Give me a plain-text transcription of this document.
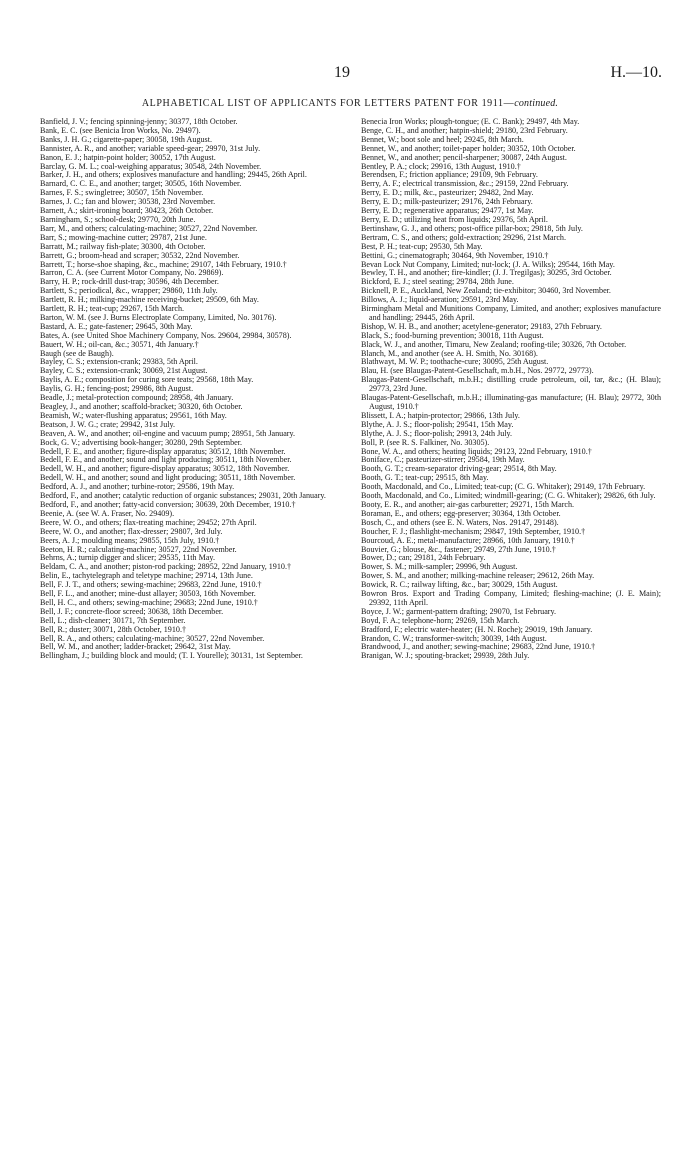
19	H.—10.
ALPHABETICAL LIST OF APPLICANTS FOR LETTERS PATENT FOR 1911—continued.
Banfield, J. V.; fencing spinning-jenny; 30377, 18th October.
Bank, E. C. (see Benicia Iron Works, No. 29497).
Banks, J. H. G.; cigarette-paper; 30058, 19th August.
Bannister, A. R., and another; variable speed-gear; 29970, 31st July.
Banon, E. J.; hatpin-point holder; 30052, 17th August.
Barclay, G. M. L.; coal-weighing apparatus; 30548, 24th November.
Barker, J. H., and others; explosives manufacture and handling; 29445, 26th April.
Barnard, C. C. E., and another; target; 30505, 16th November.
Barnes, F. S.; swingletree; 30507, 15th November.
Barnes, J. C.; fan and blower; 30538, 23rd November.
Barnett, A.; skirt-ironing board; 30423, 26th October.
Barningham, S.; school-desk; 29770, 20th June.
Barr, M., and others; calculating-machine; 30527, 22nd November.
Barr, S.; mowing-machine cutter; 29787, 21st June.
Barratt, M.; railway fish-plate; 30300, 4th October.
Barrett, G.; broom-head and scraper; 30532, 22nd November.
Barrett, T.; horse-shoe shaping, &c., machine; 29107, 14th February, 1910.†
Barron, C. A. (see Current Motor Company, No. 29869).
Barry, H. P.; rock-drill dust-trap; 30596, 4th December.
Bartlett, S.; periodical, &c., wrapper; 29860, 11th July.
Bartlett, R. H.; milking-machine receiving-bucket; 29509, 6th May.
Bartlett, R. H.; teat-cup; 29267, 15th March.
Barton, W. M. (see J. Burns Electroplate Company, Limited, No. 30176).
Bastard, A. E.; gate-fastener; 29645, 30th May.
Bates, A. (see United Shoe Machinery Company, Nos. 29604, 29984, 30578).
Bauert, W. H.; oil-can, &c.; 30571, 4th January.†
Baugh (see de Baugh).
Bayley, C. S.; extension-crank; 29383, 5th April.
Bayley, C. S.; extension-crank; 30069, 21st August.
Baylis, A. E.; composition for curing sore teats; 29568, 18th May.
Baylis, G. H.; fencing-post; 29986, 8th August.
Beadle, J.; metal-protection compound; 28958, 4th January.
Beagley, J., and another; scaffold-bracket; 30320, 6th October.
Beamish, W.; water-flushing apparatus; 29561, 16th May.
Beatson, J. W. G.; crate; 29942, 31st July.
Beaven, A. W., and another; oil-engine and vacuum pump; 28951, 5th January.
Bock, G. V.; advertising book-hanger; 30280, 29th September.
Bedell, F. E., and another; figure-display apparatus; 30512, 18th November.
Bedell, F. E., and another; sound and light producing; 30511, 18th November.
Bedell, W. H., and another; figure-display apparatus; 30512, 18th November.
Bedell, W. H., and another; sound and light producing; 30511, 18th November.
Bedford, A. J., and another; turbine-rotor; 29586, 19th May.
Bedford, F., and another; catalytic reduction of organic substances; 29031, 20th January.
Bedford, F., and another; fatty-acid conversion; 30639, 20th December, 1910.†
Beenie, A. (see W. A. Fraser, No. 29409).
Beere, W. O., and others; flax-treating machine; 29452; 27th April.
Beere, W. O., and another; flax-dresser; 29807, 3rd July.
Beers, A. J.; moulding means; 29855, 15th July, 1910.†
Beeton, H. R.; calculating-machine; 30527, 22nd November.
Behrns, A.; turnip digger and slicer; 29535, 11th May.
Beldam, C. A., and another; piston-rod packing; 28952, 22nd January, 1910.†
Belin, E., tachytelegraph and teletype machine; 29714, 13th June.
Bell, F. J. T., and others; sewing-machine; 29683, 22nd June, 1910.†
Bell, F. L., and another; mine-dust allayer; 30503, 16th November.
Bell, H. C., and others; sewing-machine; 29683; 22nd June, 1910.†
Bell, J. F.; concrete-floor screed; 30638, 18th December.
Bell, L.; dish-cleaner; 30171, 7th September.
Bell, R.; duster; 30071, 28th October, 1910.†
Bell, R. A., and others; calculating-machine; 30527, 22nd November.
Bell, W. M., and another; ladder-bracket; 29642, 31st May.
Bellingham, J.; building block and mould; (T. I. Yourelle); 30131, 1st September.
Benecia Iron Works; plough-tongue; (E. C. Bank); 29497, 4th May.
Benge, C. H., and another; hatpin-shield; 29180, 23rd February.
Bennet, W.; boot sole and heel; 29245, 8th March.
Bennet, W., and another; toilet-paper holder; 30352, 10th October.
Bennet, W., and another; pencil-sharpener; 30087, 24th August.
Bentley, P. A.; clock; 29916, 13th August, 1910.†
Berendsen, F.; friction appliance; 29109, 9th February.
Berry, A. F.; electrical transmission, &c.; 29159, 22nd February.
Berry, E. D.; milk, &c., pasteurizer; 29482, 2nd May.
Berry, E. D.; milk-pasteurizer; 29176, 24th February.
Berry, E. D.; regenerative apparatus; 29477, 1st May.
Berry, E. D.; utilizing heat from liquids; 29376, 5th April.
Bertinshaw, G. J., and others; post-office pillar-box; 29818, 5th July.
Bertram, C. S., and others; gold-extraction; 29296, 21st March.
Best, P. H.; teat-cup; 29530, 5th May.
Bettini, G.; cinematograph; 30464, 9th November, 1910.†
Bevan Lock Nut Company, Limited; nut-lock; (J. A. Wilks); 29544, 16th May.
Bewley, T. H., and another; fire-kindler; (J. J. Tregilgas); 30295, 3rd October.
Bickford, E. J.; steel seating; 29784, 28th June.
Bicknell, P. E., Auckland, New Zealand; tie-exhibitor; 30460, 3rd November.
Billows, A. J.; liquid-aeration; 29591, 23rd May.
Birmingham Metal and Munitions Company, Limited, and another; explosives manufacture and handling; 29445, 26th April.
Bishop, W. H. B., and another; acetylene-generator; 29183, 27th February.
Black, S.; food-burning prevention; 30018, 11th August.
Black, W. J., and another, Timaru, New Zealand; roofing-tile; 30326, 7th October.
Blanch, M., and another (see A. H. Smith, No. 30168).
Blathwayt, M. W. P.; toothache-cure; 30095, 25th August.
Blau, H. (see Blaugas-Patent-Gesellschaft, m.b.H., Nos. 29772, 29773).
Blaugas-Patent-Gesellschaft, m.b.H.; distilling crude petroleum, oil, tar, &c.; (H. Blau); 29773, 23rd June.
Blaugas-Patent-Gesellschaft, m.b.H.; illuminating-gas manufacture; (H. Blau); 29772, 30th August, 1910.†
Blissett, I. A.; hatpin-protector; 29866, 13th July.
Blythe, A. J. S.; floor-polish; 29541, 15th May.
Blythe, A. J. S.; floor-polish; 29913, 24th July.
Boll, P. (see R. S. Falkiner, No. 30305).
Bone, W. A., and others; heating liquids; 29123, 22nd February, 1910.†
Boniface, C.; pasteurizer-stirrer; 29584, 19th May.
Booth, G. T.; cream-separator driving-gear; 29514, 8th May.
Booth, G. T.; teat-cup; 29515, 8th May.
Booth, Macdonald, and Co., Limited; teat-cup; (C. G. Whitaker); 29149, 17th February.
Booth, Macdonald, and Co., Limited; windmill-gearing; (C. G. Whitaker); 29826, 6th July.
Booty, E. R., and another; air-gas carburetter; 29271, 15th March.
Boraman, E., and others; egg-preserver; 30364, 13th October.
Bosch, C., and others (see E. N. Waters, Nos. 29147, 29148).
Boucher, F. J.; flashlight-mechanism; 29847, 19th September, 1910.†
Bourcoud, A. E.; metal-manufacture; 28966, 10th January, 1910.†
Bouvier, G.; blouse, &c., fastener; 29749, 27th June, 1910.†
Bower, D.; can; 29181, 24th February.
Bower, S. M.; milk-sampler; 29996, 9th August.
Bower, S. M., and another; milking-machine releaser; 29612, 26th May.
Bowick, R. C.; railway lifting, &c., bar; 30029, 15th August.
Bowron Bros. Export and Trading Company, Limited; fleshing-machine; (J. E. Main); 29392, 11th April.
Boyce, J. W.; garment-pattern drafting; 29070, 1st February.
Boyd, F. A.; telephone-horn; 29269, 15th March.
Bradford, F.; electric water-heater; (H. N. Roche); 29019, 19th January.
Brandon, C. W.; transformer-switch; 30039, 14th August.
Brandwood, J., and another; sewing-machine; 29683, 22nd June, 1910.†
Branigan, W. J.; spouting-bracket; 29939, 28th July.
